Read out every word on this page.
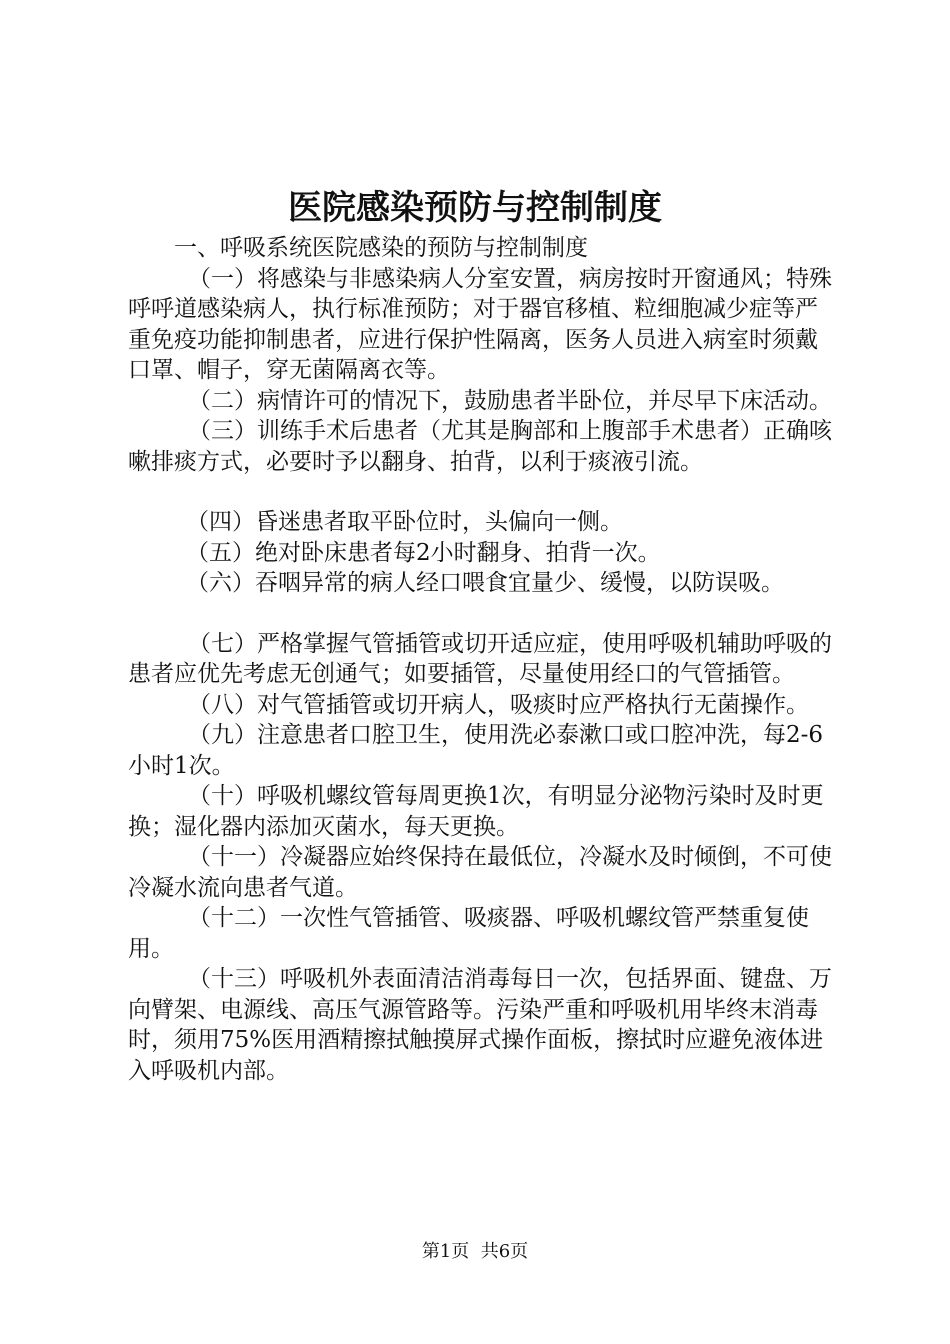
医院感染预防与控制制度

一、呼吸系统医院感染的预防与控制制度

（一）将感染与非感染病人分室安置，病房按时开窗通风；特殊呼呼道感染病人，执行标准预防；对于器官移植、粒细胞减少症等严重免疫功能抑制患者，应进行保护性隔离，医务人员进入病室时须戴口罩、帽子，穿无菌隔离衣等。

（二）病情许可的情况下，鼓励患者半卧位，并尽早下床活动。

（三）训练手术后患者（尤其是胸部和上腹部手术患者）正确咳嗽排痰方式，必要时予以翻身、拍背，以利于痰液引流。

（四）昏迷患者取平卧位时，头偏向一侧。

（五）绝对卧床患者每2小时翻身、拍背一次。

（六）吞咽异常的病人经口喂食宜量少、缓慢，以防误吸。

（七）严格掌握气管插管或切开适应症，使用呼吸机辅助呼吸的患者应优先考虑无创通气；如要插管，尽量使用经口的气管插管。

（八）对气管插管或切开病人，吸痰时应严格执行无菌操作。

（九）注意患者口腔卫生，使用洗必泰漱口或口腔冲洗，每2-6小时1次。

（十）呼吸机螺纹管每周更换1次，有明显分泌物污染时及时更换；湿化器内添加灭菌水，每天更换。

（十一）冷凝器应始终保持在最低位，冷凝水及时倾倒，不可使冷凝水流向患者气道。

（十二）一次性气管插管、吸痰器、呼吸机螺纹管严禁重复使用。

（十三）呼吸机外表面清洁消毒每日一次，包括界面、键盘、万向臂架、电源线、高压气源管路等。污染严重和呼吸机用毕终末消毒时，须用75%医用酒精擦拭触摸屏式操作面板，擦拭时应避免液体进入呼吸机内部。

第1页  共6页
